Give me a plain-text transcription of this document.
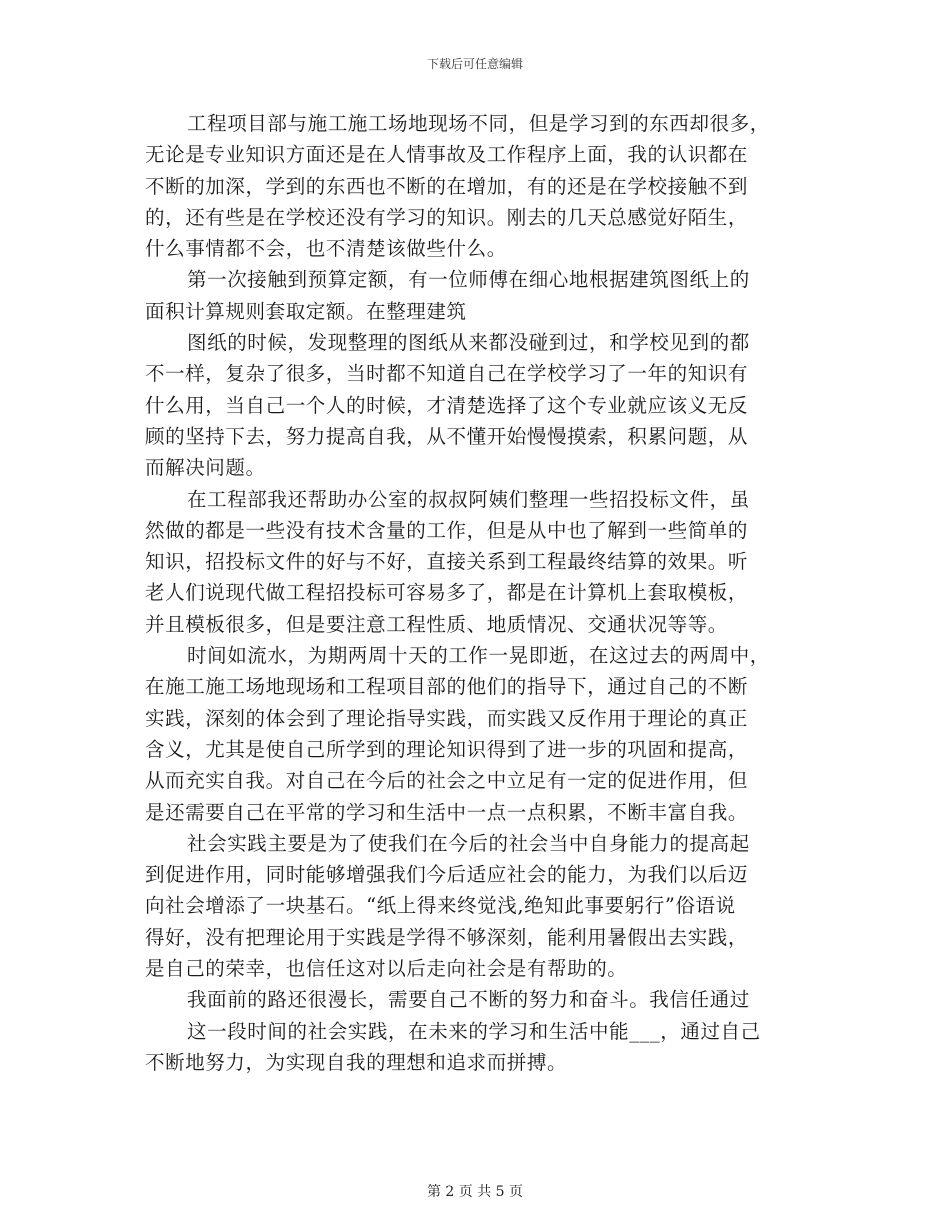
下载后可任意编辑
工程项目部与施工施工场地现场不同，但是学习到的东西却很多，
无论是专业知识方面还是在人情事故及工作程序上面，我的认识都在
不断的加深，学到的东西也不断的在增加，有的还是在学校接触不到
的，还有些是在学校还没有学习的知识。刚去的几天总感觉好陌生，
什么事情都不会，也不清楚该做些什么。
第一次接触到预算定额，有一位师傅在细心地根据建筑图纸上的
面积计算规则套取定额。在整理建筑
图纸的时候，发现整理的图纸从来都没碰到过，和学校见到的都
不一样，复杂了很多，当时都不知道自己在学校学习了一年的知识有
什么用，当自己一个人的时候，才清楚选择了这个专业就应该义无反
顾的坚持下去，努力提高自我，从不懂开始慢慢摸索，积累问题，从
而解决问题。
在工程部我还帮助办公室的叔叔阿姨们整理一些招投标文件，虽
然做的都是一些没有技术含量的工作，但是从中也了解到一些简单的
知识，招投标文件的好与不好，直接关系到工程最终结算的效果。听
老人们说现代做工程招投标可容易多了，都是在计算机上套取模板，
并且模板很多，但是要注意工程性质、地质情况、交通状况等等。
时间如流水，为期两周十天的工作一晃即逝，在这过去的两周中，
在施工施工场地现场和工程项目部的他们的指导下，通过自己的不断
实践，深刻的体会到了理论指导实践，而实践又反作用于理论的真正
含义，尤其是使自己所学到的理论知识得到了进一步的巩固和提高，
从而充实自我。对自己在今后的社会之中立足有一定的促进作用，但
是还需要自己在平常的学习和生活中一点一点积累，不断丰富自我。
社会实践主要是为了使我们在今后的社会当中自身能力的提高起
到促进作用，同时能够增强我们今后适应社会的能力，为我们以后迈
向社会增添了一块基石。“纸上得来终觉浅,绝知此事要躬行”俗语说
得好，没有把理论用于实践是学得不够深刻，能利用暑假出去实践，
是自己的荣幸，也信任这对以后走向社会是有帮助的。
我面前的路还很漫长，需要自己不断的努力和奋斗。我信任通过
这一段时间的社会实践，在未来的学习和生活中能___，通过自己
不断地努力，为实现自我的理想和追求而拼搏。
第 2 页 共 5 页
